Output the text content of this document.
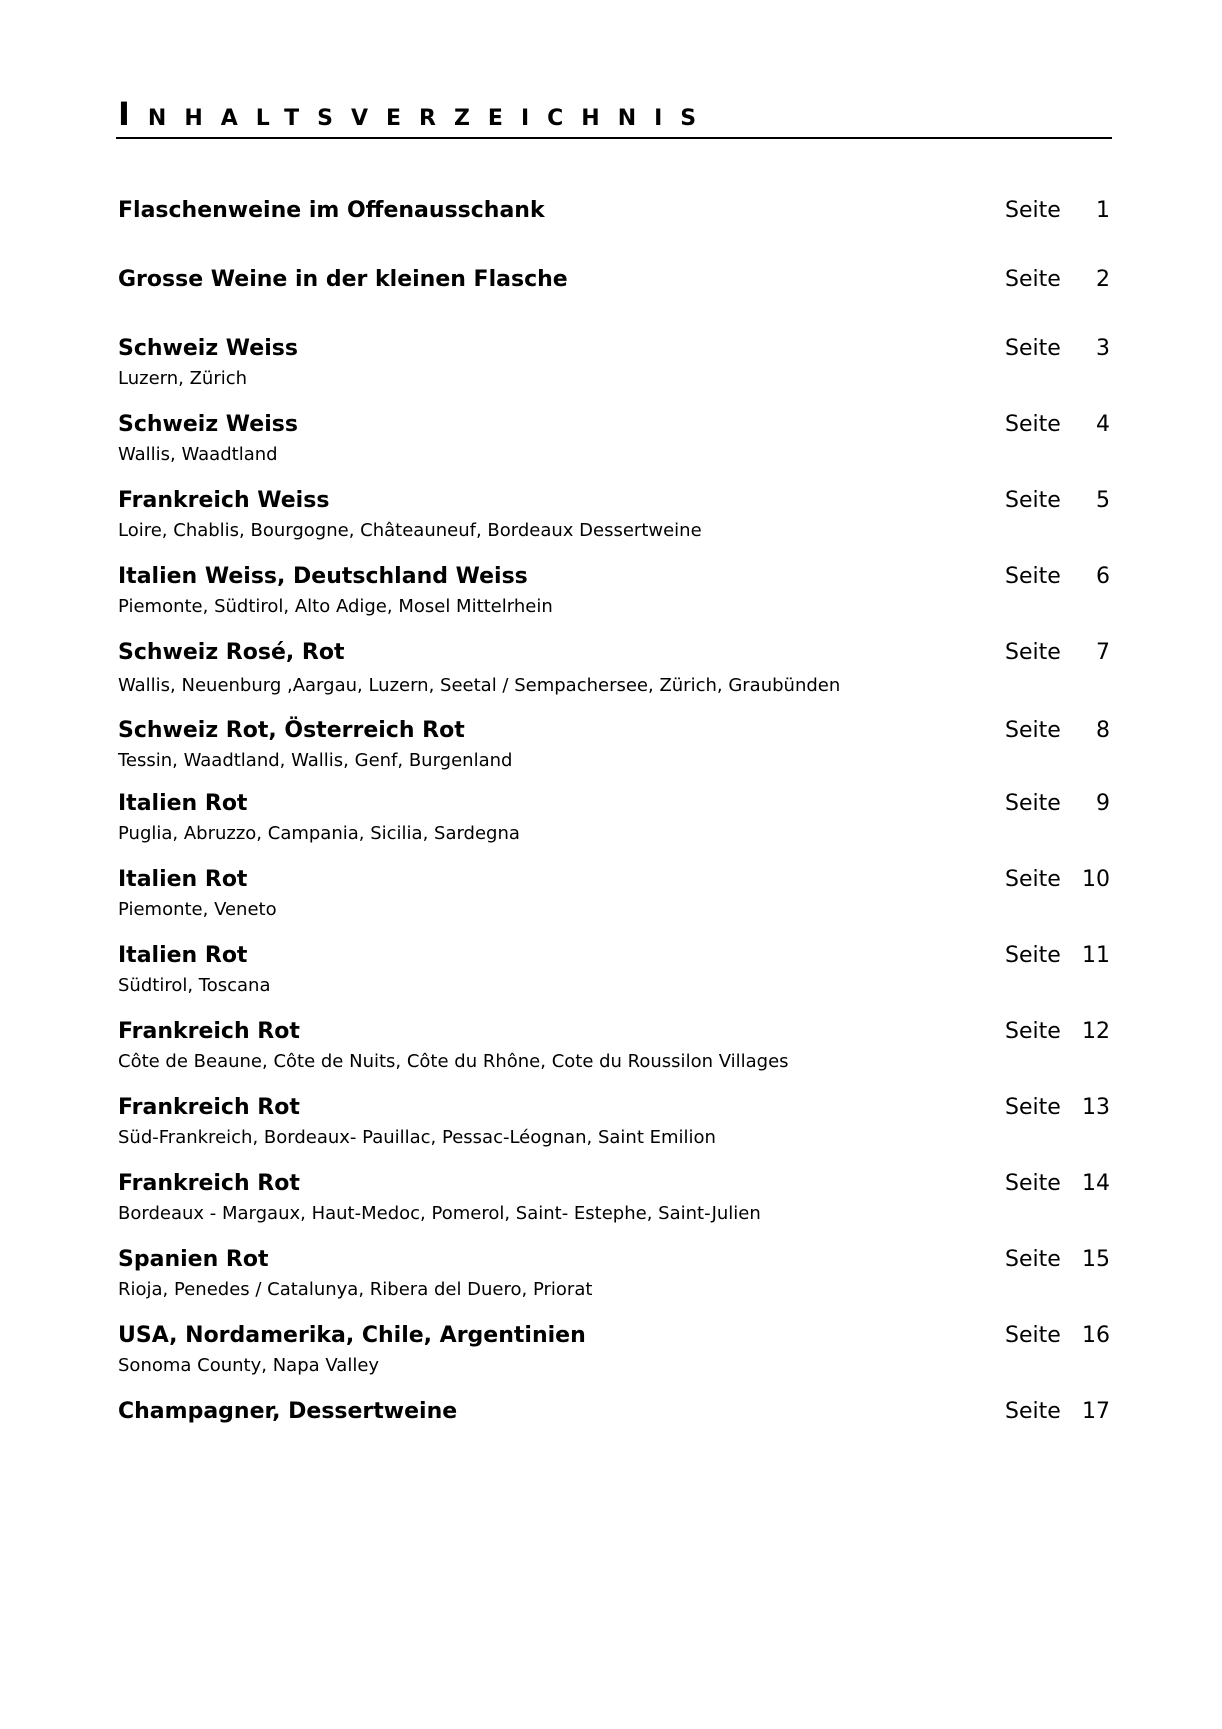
INHALTSVERZEICHNIS
Flaschenweine im Offenausschank	Seite 1
Grosse Weine in der kleinen Flasche	Seite 2
Schweiz Weiss	Seite 3
Luzern, Zürich
Schweiz Weiss	Seite 4
Wallis, Waadtland
Frankreich Weiss	Seite 5
Loire, Chablis, Bourgogne, Châteauneuf, Bordeaux Dessertweine
Italien Weiss, Deutschland Weiss	Seite 6
Piemonte, Südtirol, Alto Adige, Mosel Mittelrhein
Schweiz Rosé, Rot	Seite 7
Wallis, Neuenburg ,Aargau, Luzern, Seetal / Sempachersee, Zürich, Graubünden
Schweiz Rot, Österreich Rot	Seite 8
Tessin, Waadtland, Wallis, Genf, Burgenland
Italien Rot	Seite 9
Puglia, Abruzzo, Campania, Sicilia, Sardegna
Italien Rot	Seite 10
Piemonte, Veneto
Italien Rot	Seite 11
Südtirol, Toscana
Frankreich Rot	Seite 12
Côte de Beaune, Côte de Nuits, Côte du Rhône, Cote du Roussilon Villages
Frankreich Rot	Seite 13
Süd-Frankreich, Bordeaux- Pauillac, Pessac-Léognan, Saint Emilion
Frankreich Rot	Seite 14
Bordeaux - Margaux, Haut-Medoc, Pomerol, Saint- Estephe, Saint-Julien
Spanien Rot	Seite 15
Rioja, Penedes / Catalunya, Ribera del Duero, Priorat
USA, Nordamerika, Chile, Argentinien	Seite 16
Sonoma County, Napa Valley
Champagner, Dessertweine	Seite 17
